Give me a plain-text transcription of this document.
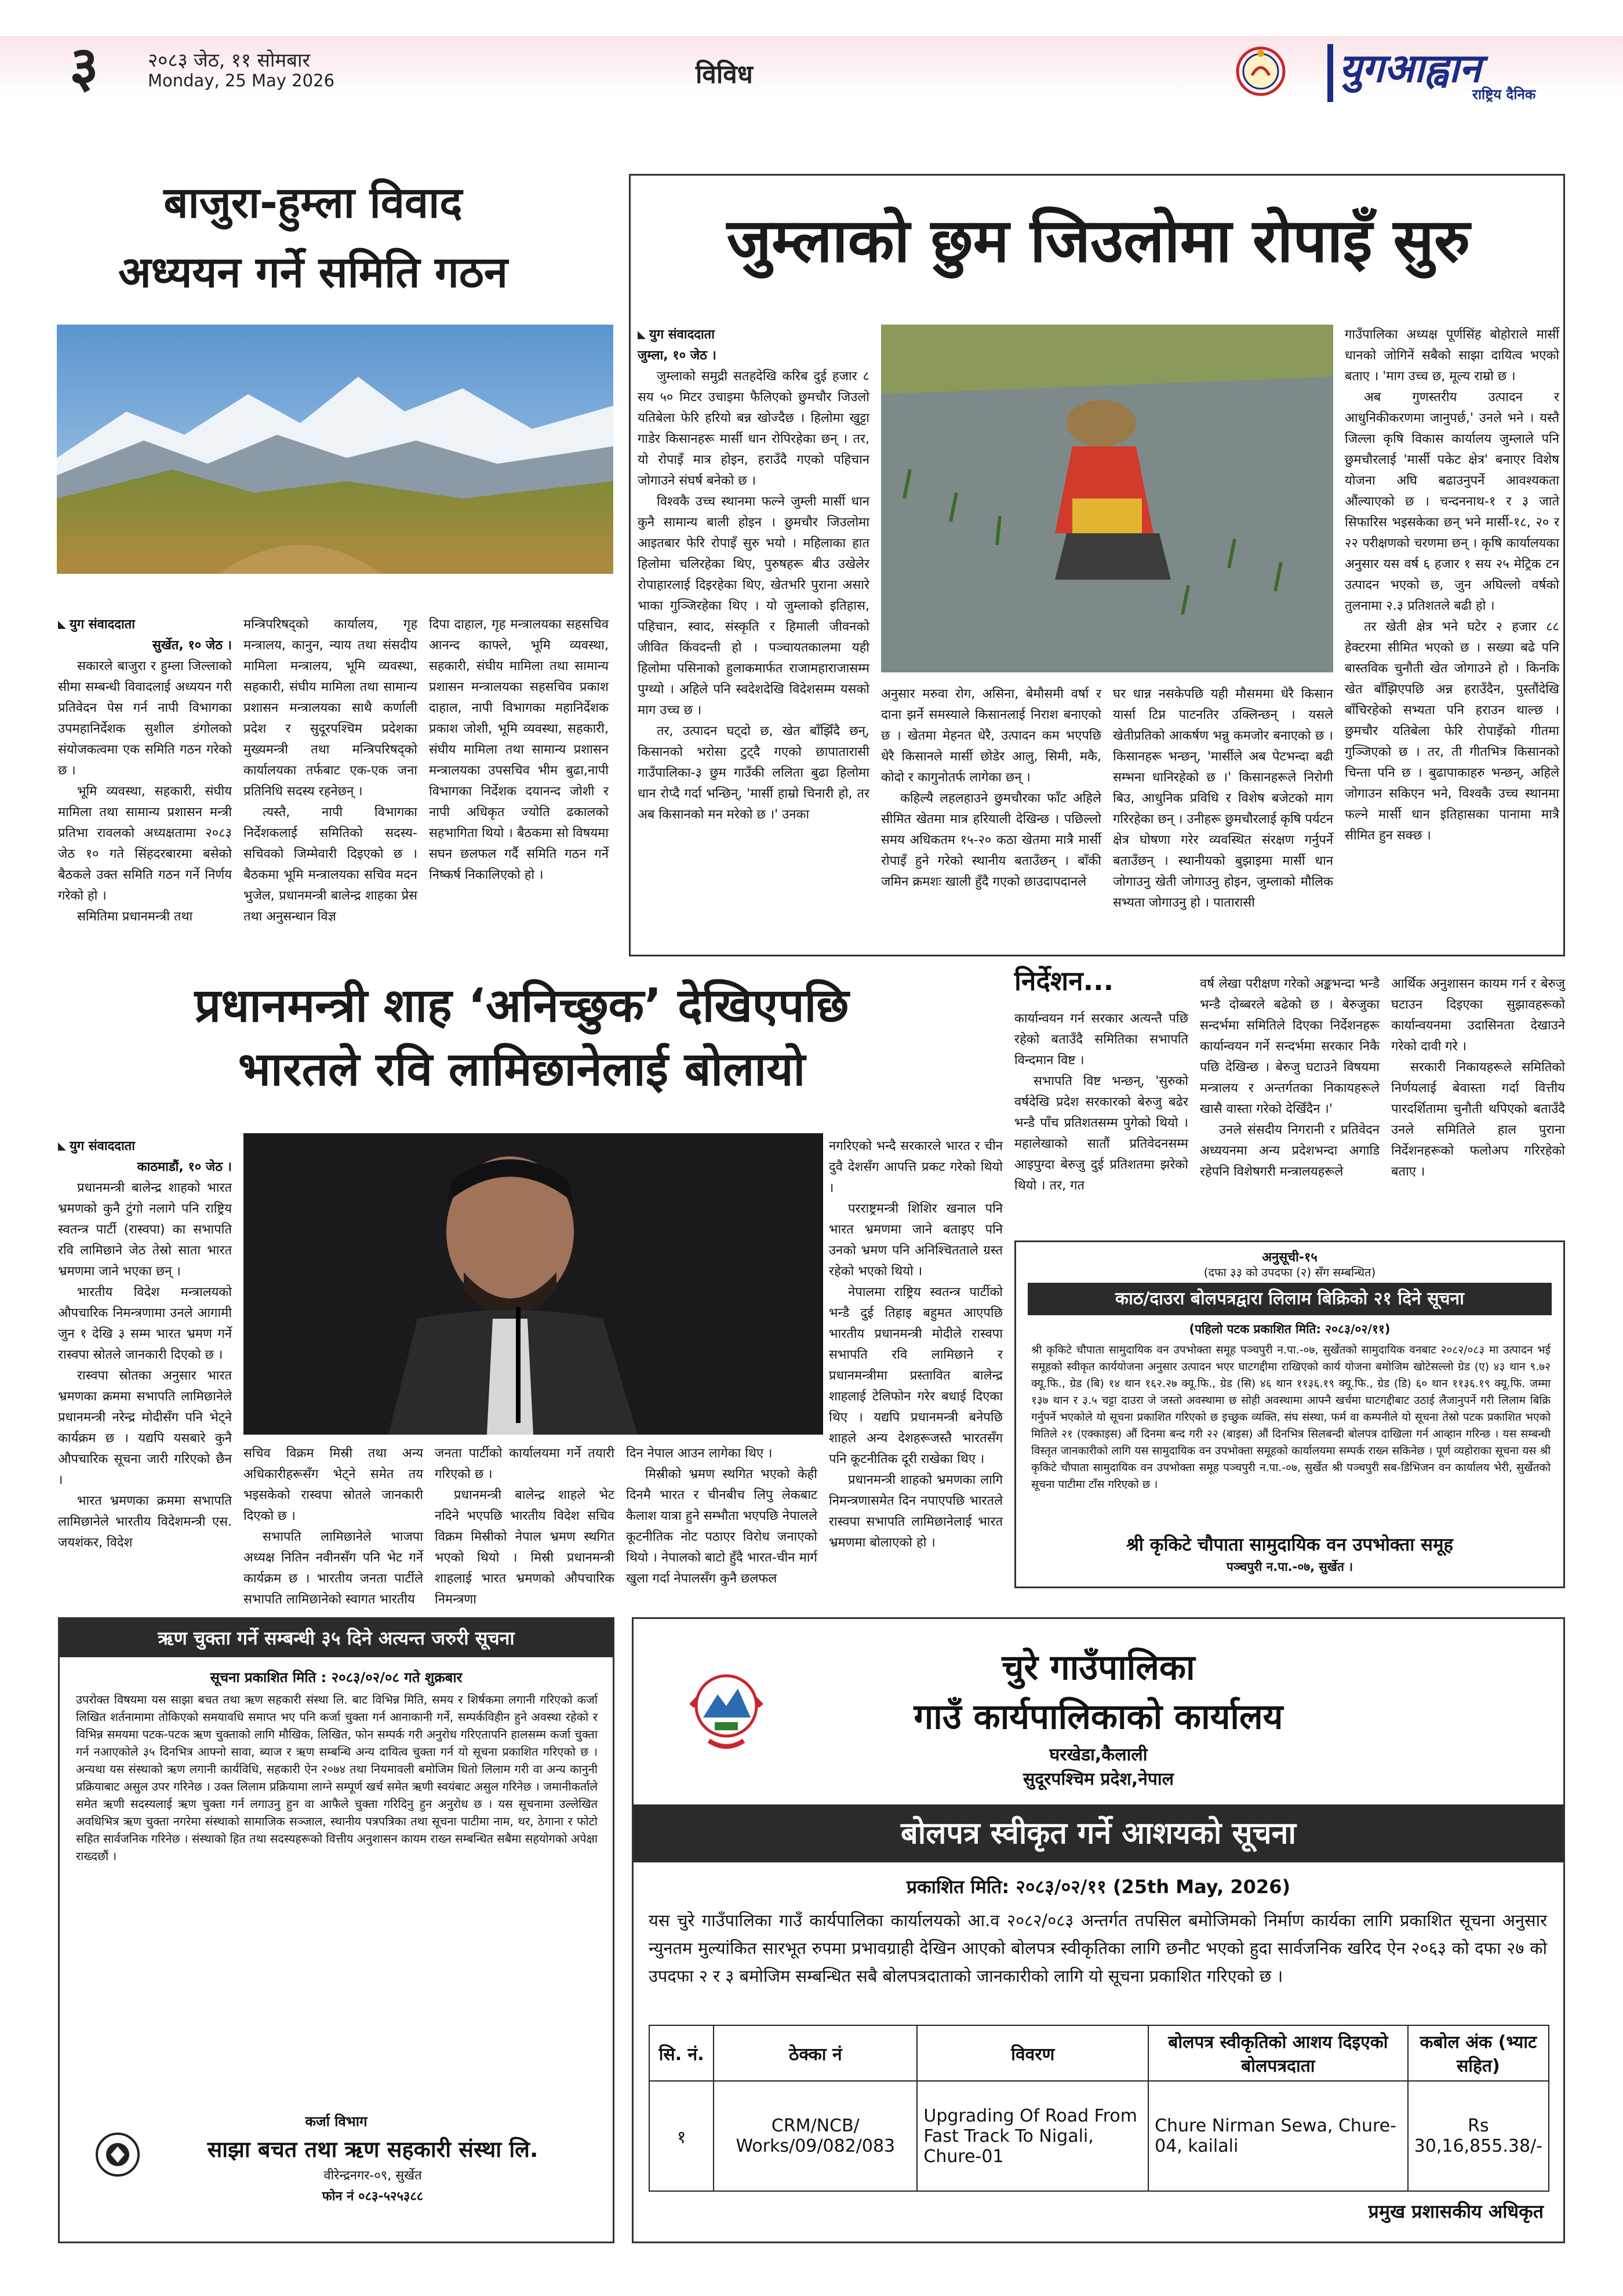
३	२०८३ जेठ, ११ सोमबार
Monday, 25 May 2026	विविध	युगआह्वान
राष्ट्रिय दैनिक
बाजुरा-हुम्ला विवाद
अध्ययन गर्ने समिति गठन
युग संवाददाता
सुर्खेत, १० जेठ ।
सकारले बाजुरा र हुम्ला जिल्लाको सीमा सम्बन्धी विवादलाई अध्ययन गरी प्रतिवेदन पेस गर्न नापी विभागका उपमहानिर्देशक सुशील डंगोलको संयोजकत्वमा एक समिति गठन गरेको छ ।
भूमि व्यवस्था, सहकारी, संघीय मामिला तथा सामान्य प्रशासन मन्त्री प्रतिभा रावलको अध्यक्षतामा २०८३ जेठ १० गते सिंहदरबारमा बसेको बैठकले उक्त समिति गठन गर्ने निर्णय गरेको हो ।
समितिमा प्रधानमन्त्री तथा
मन्त्रिपरिषद्को कार्यालय, गृह मन्त्रालय, कानुन, न्याय तथा संसदीय मामिला मन्त्रालय, भूमि व्यवस्था, सहकारी, संघीय मामिला तथा सामान्य प्रशासन मन्त्रालयका साथै कर्णाली प्रदेश र सुदूरपश्चिम प्रदेशका मुख्यमन्त्री तथा मन्त्रिपरिषद्को कार्यालयका तर्फबाट एक-एक जना प्रतिनिधि सदस्य रहनेछन् ।
त्यस्तै, नापी विभागका निर्देशकलाई समितिको सदस्य-सचिवको जिम्मेवारी दिइएको छ । बैठकमा भूमि मन्त्रालयका सचिव मदन भुजेल, प्रधानमन्त्री बालेन्द्र शाहका प्रेस तथा अनुसन्धान विज्ञ
दिपा दाहाल, गृह मन्त्रालयका सहसचिव आनन्द काफ्ले, भूमि व्यवस्था, सहकारी, संघीय मामिला तथा सामान्य प्रशासन मन्त्रालयका सहसचिव प्रकाश दाहाल, नापी विभागका महानिर्देशक प्रकाश जोशी, भूमि व्यवस्था, सहकारी, संघीय मामिला तथा सामान्य प्रशासन मन्त्रालयका उपसचिव भीम बुढा,नापी विभागका निर्देशक दयानन्द जोशी र नापी अधिकृत ज्योति ढकालको सहभागिता थियो । बैठकमा सो विषयमा सघन छलफल गर्दै समिति गठन गर्ने निष्कर्ष निकालिएको हो ।
जुम्लाको छुम जिउलोमा रोपाइँ सुरु
युग संवाददाता
जुम्ला, १० जेठ ।
जुम्लाको समुद्री सतहदेखि करिब दुई हजार ८ सय ५० मिटर उचाइमा फैलिएको छुमचौर जिउलो यतिबेला फेरि हरियो बन्न खोज्दैछ । हिलोमा खुट्टा गाडेर किसानहरू मार्सी धान रोपिरहेका छन् । तर, यो रोपाइँ मात्र होइन, हराउँदै गएको पहिचान जोगाउने संघर्ष बनेको छ ।
विश्वकै उच्च स्थानमा फल्ने जुम्ली मार्सी धान कुनै सामान्य बाली होइन । छुमचौर जिउलोमा आइतबार फेरि रोपाइँ सुरु भयो । महिलाका हात हिलोमा चलिरहेका थिए, पुरुषहरू बीउ उखेलेर रोपाहारलाई दिइरहेका थिए, खेतभरि पुराना असारे भाका गुञ्जिरहेका थिए । यो जुम्लाको इतिहास, पहिचान, स्वाद, संस्कृति र हिमाली जीवनको जीवित किंवदन्ती हो । पञ्चायतकालमा यही हिलोमा पसिनाको हुलाकमार्फत राजामहाराजासम्म पुग्थ्यो । अहिले पनि स्वदेशदेखि विदेशसम्म यसको माग उच्च छ ।
तर, उत्पादन घट्दो छ, खेत बाँझिँदै छन्, किसानको भरोसा टुट्दै गएको छापातारासी गाउँपालिका-३ छुम गाउँकी ललिता बुढा हिलोमा धान रोप्दै गर्दा भन्छिन्, 'मार्सी हाम्रो चिनारी हो, तर अब किसानको मन मरेको छ ।' उनका
अनुसार मरुवा रोग, असिना, बेमौसमी वर्षा र दाना झर्ने समस्याले किसानलाई निराश बनाएको छ । खेतमा मेहनत धेरै, उत्पादन कम भएपछि धेरै किसानले मार्सी छोडेर आलु, सिमी, मकै, कोदो र कागुनोतर्फ लागेका छन् ।
कहिल्यै लहलहाउने छुमचौरका फाँट अहिले सीमित खेतमा मात्र हरियाली देखिन्छ । पछिल्लो समय अधिकतम १५-२० कठा खेतमा मात्रै मार्सी रोपाइँ हुने गरेको स्थानीय बताउँछन् । बाँकी जमिन क्रमशः खाली हुँदै गएको छाउदापदानले
घर धान्न नसकेपछि यही मौसममा धेरै किसान यार्सा टिप्न पाटनतिर उक्लिन्छन् । यसले खेतीप्रतिको आकर्षण भन्नु कमजोर बनाएको छ । किसानहरू भन्छन्, 'मार्सीले अब पेटभन्दा बढी सम्भना धानिरहेको छ ।' किसानहरूले निरोगी बिउ, आधुनिक प्रविधि र विशेष बजेटको माग गरिरहेका छन् । उनीहरू छुमचौरलाई कृषि पर्यटन क्षेत्र घोषणा गरेर व्यवस्थित संरक्षण गर्नुपर्ने बताउँछन् । स्थानीयको बुझाइमा मार्सी धान जोगाउनु खेती जोगाउनु होइन, जुम्लाको मौलिक सभ्यता जोगाउनु हो । पातारासी
गाउँपालिका अध्यक्ष पूर्णसिंह बोहोराले मार्सी धानको जोगिनें सबैको साझा दायित्व भएको बताए । 'माग उच्च छ, मूल्य राम्रो छ ।
अब गुणस्तरीय उत्पादन र आधुनिकीकरणमा जानुपर्छ,' उनले भने । यस्तै जिल्ला कृषि विकास कार्यालय जुम्लाले पनि छुमचौरलाई 'मार्सी पकेट क्षेत्र' बनाएर विशेष योजना अघि बढाउनुपर्ने आवश्यकता औंल्याएको छ । चन्दननाथ-१ र ३ जाते सिफारिस भइसकेका छन् भने मार्सी-१८, २० र २२ परीक्षणको चरणमा छन् । कृषि कार्यालयका अनुसार यस वर्ष ६ हजार १ सय २५ मेट्रिक टन उत्पादन भएको छ, जुन अघिल्लो वर्षको तुलनामा २.३ प्रतिशतले बढी हो ।
तर खेती क्षेत्र भने घटेर २ हजार ८८ हेक्टरमा सीमित भएको छ । सख्या बढे पनि बास्तविक चुनौती खेत जोगाउने हो । किनकि खेत बाँझिएपछि अन्न हराउँदैन, पुस्तौंदेखि बाँचिरहेको सभ्यता पनि हराउन थाल्छ । छुमचौर यतिबेला फेरि रोपाइँको गीतमा गुञ्जिएको छ । तर, ती गीतभित्र किसानको चिन्ता पनि छ । बुढापाकाहरु भन्छन्, अहिले जोगाउन सकिएन भने, विश्वकै उच्च स्थानमा फल्ने मार्सी धान इतिहासका पानामा मात्रै सीमित हुन सक्छ ।
प्रधानमन्त्री शाह ‘अनिच्छुक’ देखिएपछि
भारतले रवि लामिछानेलाई बोलायो
युग संवाददाता
काठमाडौं, १० जेठ ।
प्रधानमन्त्री बालेन्द्र शाहको भारत भ्रमणको कुनै टुंगो नलागे पनि राष्ट्रिय स्वतन्त्र पार्टी (रास्वपा) का सभापति रवि लामिछाने जेठ तेस्रो साता भारत भ्रमणमा जाने भएका छन् ।
भारतीय विदेश मन्त्रालयको औपचारिक निमन्त्रणामा उनले आगामी जुन १ देखि ३ सम्म भारत भ्रमण गर्ने रास्वपा स्रोतले जानकारी दिएको छ ।
रास्वपा स्रोतका अनुसार भारत भ्रमणका क्रममा सभापति लामिछानेले प्रधानमन्त्री नरेन्द्र मोदीसँग पनि भेट्ने कार्यक्रम छ । यद्यपि यसबारे कुनै औपचारिक सूचना जारी गरिएको छैन ।
भारत भ्रमणका क्रममा सभापति लामिछानेले भारतीय विदेशमन्त्री एस. जयशंकर, विदेश
सचिव विक्रम मिस्री तथा अन्य अधिकारीहरूसँग भेट्ने समेत तय भइसकेको रास्वपा स्रोतले जानकारी दिएको छ ।
सभापति लामिछानेले भाजपा अध्यक्ष नितिन नवीनसँग पनि भेट गर्ने कार्यक्रम छ । भारतीय जनता पार्टीले सभापति लामिछानेको स्वागत भारतीय
जनता पार्टीको कार्यालयमा गर्ने तयारी गरिएको छ ।
प्रधानमन्त्री बालेन्द्र शाहले भेट नदिने भएपछि भारतीय विदेश सचिव विक्रम मिस्रीको नेपाल भ्रमण स्थगित भएको थियो । मिस्री प्रधानमन्त्री शाहलाई भारत भ्रमणको औपचारिक निमन्त्रणा
दिन नेपाल आउन लागेका थिए ।
मिस्रीको भ्रमण स्थगित भएको केही दिनमै भारत र चीनबीच लिपु लेकबाट कैलाश यात्रा हुने सम्भौता भएपछि नेपालले कूटनीतिक नोट पठाएर विरोध जनाएको थियो । नेपालको बाटो हुँदै भारत-चीन मार्ग खुला गर्दा नेपालसँग कुनै छलफल
नगरिएको भन्दै सरकारले भारत र चीन दुवै देशसँग आपत्ति प्रकट गरेको थियो ।
परराष्ट्रमन्त्री शिशिर खनाल पनि भारत भ्रमणमा जाने बताइए पनि उनको भ्रमण पनि अनिश्चितताले ग्रस्त रहेको भएको थियो ।
नेपालमा राष्ट्रिय स्वतन्त्र पार्टीको भन्डै दुई तिहाइ बहुमत आएपछि भारतीय प्रधानमन्त्री मोदीले रास्वपा सभापति रवि लामिछाने र प्रधानमन्त्रीमा प्रस्तावित बालेन्द्र शाहलाई टेलिफोन गरेर बधाई दिएका थिए । यद्यपि प्रधानमन्त्री बनेपछि शाहले अन्य देशहरूजस्तै भारतसँग पनि कूटनीतिक दूरी राखेका थिए ।
प्रधानमन्त्री शाहको भ्रमणका लागि निमन्त्रणासमेत दिन नपाएपछि भारतले रास्वपा सभापति लामिछानेलाई भारत भ्रमणमा बोलाएको हो ।
निर्देशन...
कार्यान्वयन गर्न सरकार अत्यन्तै पछि रहेको बताउँदै समितिका सभापति विन्दमान विष्ट ।
सभापति विष्ट भन्छन्, 'सुरुको वर्षदेखि प्रदेश सरकारको बेरुजु बढेर भन्डै पाँच प्रतिशतसम्म पुगेको थियो । महालेखाको सातौं प्रतिवेदनसम्म आइपुग्दा बेरुजु दुई प्रतिशतमा झरेको थियो । तर, गत
वर्ष लेखा परीक्षण गरेको अङ्कभन्दा भन्डै भन्डै दोब्बरले बढेको छ । बेरुजुका सन्दर्भमा समितिले दिएका निर्देशनहरू कार्यान्वयन गर्ने सन्दर्भमा सरकार निकै पछि देखिन्छ । बेरुजु घटाउने विषयमा मन्त्रालय र अन्तर्गतका निकायहरूले खासै वास्ता गरेको देखिँदैन ।'
उनले संसदीय निगरानी र प्रतिवेदन अध्ययनमा अन्य प्रदेशभन्दा अगाडि रहेपनि विशेषगरी मन्त्रालयहरूले
आर्थिक अनुशासन कायम गर्न र बेरुजु घटाउन दिइएका सुझावहरूको कार्यान्वयनमा उदासिनता देखाउने गरेको दावी गरे ।
सरकारी निकायहरूले समितिको निर्णयलाई बेवास्ता गर्दा वित्तीय पारदर्शितामा चुनौती थपिएको बताउँदै उनले समितिले हाल पुराना निर्देशनहरूको फलोअप गरिरहेको बताए ।
अनुसूची-१५
(दफा ३३ को उपदफा (२) सँग सम्बन्धित)
काठ/दाउरा बोलपत्रद्वारा लिलाम बिक्रिको २१ दिने सूचना
(पहिलो पटक प्रकाशित मिति: २०८३/०२/११)
श्री कृकिटे चौपाता सामुदायिक वन उपभोक्ता समूह पञ्चपुरी न.पा.-०७, सुर्खेतको सामुदायिक वनबाट २०८२/०८३ मा उत्पादन भई समूहको स्वीकृत कार्ययोजना अनुसार उत्पादन भएर घाटगद्दीमा राखिएको कार्य योजना बमोजिम खोटेसल्लो ग्रेड (ए) ४३ थान ९.७२ क्यू.फि., ग्रेड (बि) १४ थान १६२.२७ क्यू.फि., ग्रेड (सि) ४६ थान ११३६.१९ क्यू.फि., ग्रेड (डि) ६० थान ११३६.१९ क्यू.फि. जम्मा १३७ थान र ३.५ चट्टा दाउरा जे जस्तो अवस्थामा छ सोही अवस्थामा आफ्नै खर्चमा घाटगद्दीबाट उठाई लैजानुपर्ने गरी लिलाम बिक्रि गर्नुपर्ने भएकोले यो सूचना प्रकाशित गरिएको छ इच्छुक व्यक्ति, संघ संस्था, फर्म वा कम्पनीले यो सूचना तेस्रो पटक प्रकाशित भएको मितिले २१ (एक्काइस) औं दिनमा बन्द गरी २२ (बाइस) औं दिनभित्र सिलबन्दी बोलपत्र दाखिला गर्न आव्हान गरिन्छ । यस सम्बन्धी विस्तृत जानकारीको लागि यस सामुदायिक वन उपभोक्ता समूहको कार्यालयमा सम्पर्क राख्न सकिनेछ । पूर्ण व्यहोराका सूचना यस श्री कृकिटे चौपाता सामुदायिक वन उपभोक्ता समूह पञ्चपुरी न.पा.-०७, सुर्खेत श्री पञ्चपुरी सब-डिभिजन वन कार्यालय भेरी, सुर्खेतको सूचना पाटीमा टाँस गरिएको छ ।
श्री कृकिटे चौपाता सामुदायिक वन उपभोक्ता समूह
पञ्चपुरी न.पा.-०७, सुर्खेत ।
ऋण चुक्ता गर्ने सम्बन्धी ३५ दिने अत्यन्त जरुरी सूचना
सूचना प्रकाशित मिति : २०८३/०२/०८ गते शुक्रबार
उपरोक्त विषयमा यस साझा बचत तथा ऋण सहकारी संस्था लि. बाट विभिन्न मिति, समय र शिर्षकमा लगानी गरिएको कर्जा लिखित शर्तनामामा तोकिएको समयावधि समाप्त भए पनि कर्जा चुक्ता गर्न आनाकानी गर्ने, सम्पर्कविहीन हुने अवस्था रहेको र विभिन्न समयमा पटक-पटक ऋण चुक्ताको लागि मौखिक, लिखित, फोन सम्पर्क गरी अनुरोध गरिएतापनि हालसम्म कर्जा चुक्ता गर्न नआएकोले ३५ दिनभित्र आफ्नो सावा, ब्याज र ऋण सम्बन्धि अन्य दायित्व चुक्ता गर्न यो सूचना प्रकाशित गरिएको छ । अन्यथा यस संस्थाको ऋण लगानी कार्यविधि, सहकारी ऐन २०७४ तथा नियमावली बमोजिम धितो लिलाम गरी वा अन्य कानुनी प्रक्रियाबाट असुल उपर गरिनेछ । उक्त लिलाम प्रक्रियामा लाग्ने सम्पूर्ण खर्च समेत ऋणी स्वयंबाट असुल गरिनेछ । जमानीकर्ताले समेत ऋणी सदस्यलाई ऋण चुक्ता गर्न लगाउनु हुन वा आफैले चुक्ता गरिदिनु हुन अनुरोध छ । यस सूचनामा उल्लेखित अवधिभित्र ऋण चुक्ता नगरेमा संस्थाको सामाजिक सञ्जाल, स्थानीय पत्रपत्रिका तथा सूचना पाटीमा नाम, थर, ठेगाना र फोटो सहित सार्वजनिक गरिनेछ । संस्थाको हित तथा सदस्यहरूको वित्तीय अनुशासन कायम राख्न सम्बन्धित सबैमा सहयोगको अपेक्षा राख्दछौं ।
कर्जा विभाग
साझा बचत तथा ऋण सहकारी संस्था लि.
वीरेन्द्रनगर-०९, सुर्खेत
फोन नं ०८३-५२५३८८
चुरे गाउँपालिका
गाउँ कार्यपालिकाको कार्यालय
घरखेडा,कैलाली
सुदूरपश्चिम प्रदेश,नेपाल
बोलपत्र स्वीकृत गर्ने आशयको सूचना
प्रकाशित मिति: २०८३/०२/११ (25th May, 2026)
यस चुरे गाउँपालिका गाउँ कार्यपालिका कार्यालयको आ.व २०८२/०८३ अन्तर्गत तपसिल बमोजिमको निर्माण कार्यका लागि प्रकाशित सूचना अनुसार न्युनतम मुल्यांकित सारभूत रुपमा प्रभावग्राही देखिन आएको बोलपत्र स्वीकृतिका लागि छनौट भएको हुदा सार्वजनिक खरिद ऐन २०६३ को दफा २७ को उपदफा २ र ३ बमोजिम सम्बन्धित सबै बोलपत्रदाताको जानकारीको लागि यो सूचना प्रकाशित गरिएको छ ।
सि. नं.	ठेक्का नं	विवरण	बोलपत्र स्वीकृतिको आशय दिइएको बोलपत्रदाता	कबोल अंक (भ्याट सहित)
१	CRM/NCB/ Works/09/082/083	Upgrading Of Road From Fast Track To Nigali, Chure-01	Chure Nirman Sewa, Chure-04, kailali	Rs 30,16,855.38/-
प्रमुख प्रशासकीय अधिकृत
